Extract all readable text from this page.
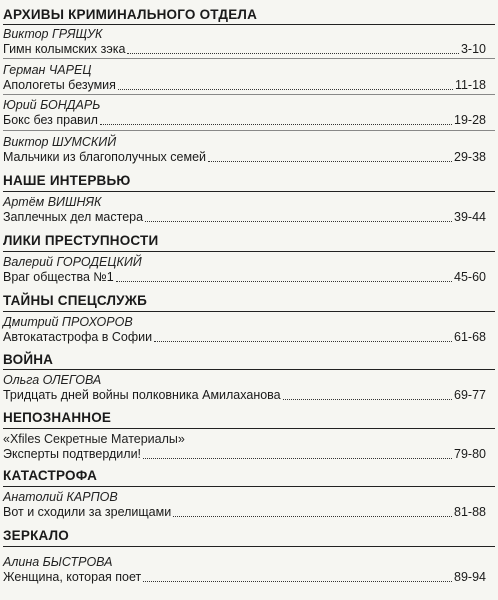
АРХИВЫ КРИМИНАЛЬНОГО ОТДЕЛА
Виктор ГРЯЩУК
Гимн колымских зэка	3-10
Герман ЧАРЕЦ
Апологеты безумия	11-18
Юрий БОНДАРЬ
Бокс без правил	19-28
Виктор ШУМСКИЙ
Мальчики из благополучных семей	29-38
НАШЕ ИНТЕРВЬЮ
Артём ВИШНЯК
Заплечных дел мастера	39-44
ЛИКИ ПРЕСТУПНОСТИ
Валерий ГОРОДЕЦКИЙ
Враг общества №1	45-60
ТАЙНЫ СПЕЦСЛУЖБ
Дмитрий ПРОХОРОВ
Автокатастрофа в Софии	61-68
ВОЙНА
Ольга ОЛЕГОВА
Тридцать дней войны полковника Амилаханова	69-77
НЕПОЗНАННОЕ
«Xfiles Секретные Материалы»
Эксперты подтвердили!	79-80
КАТАСТРОФА
Анатолий КАРПОВ
Вот и сходили за зрелищами	81-88
ЗЕРКАЛО
Алина БЫСТРОВА
Женщина, которая поет	89-94
